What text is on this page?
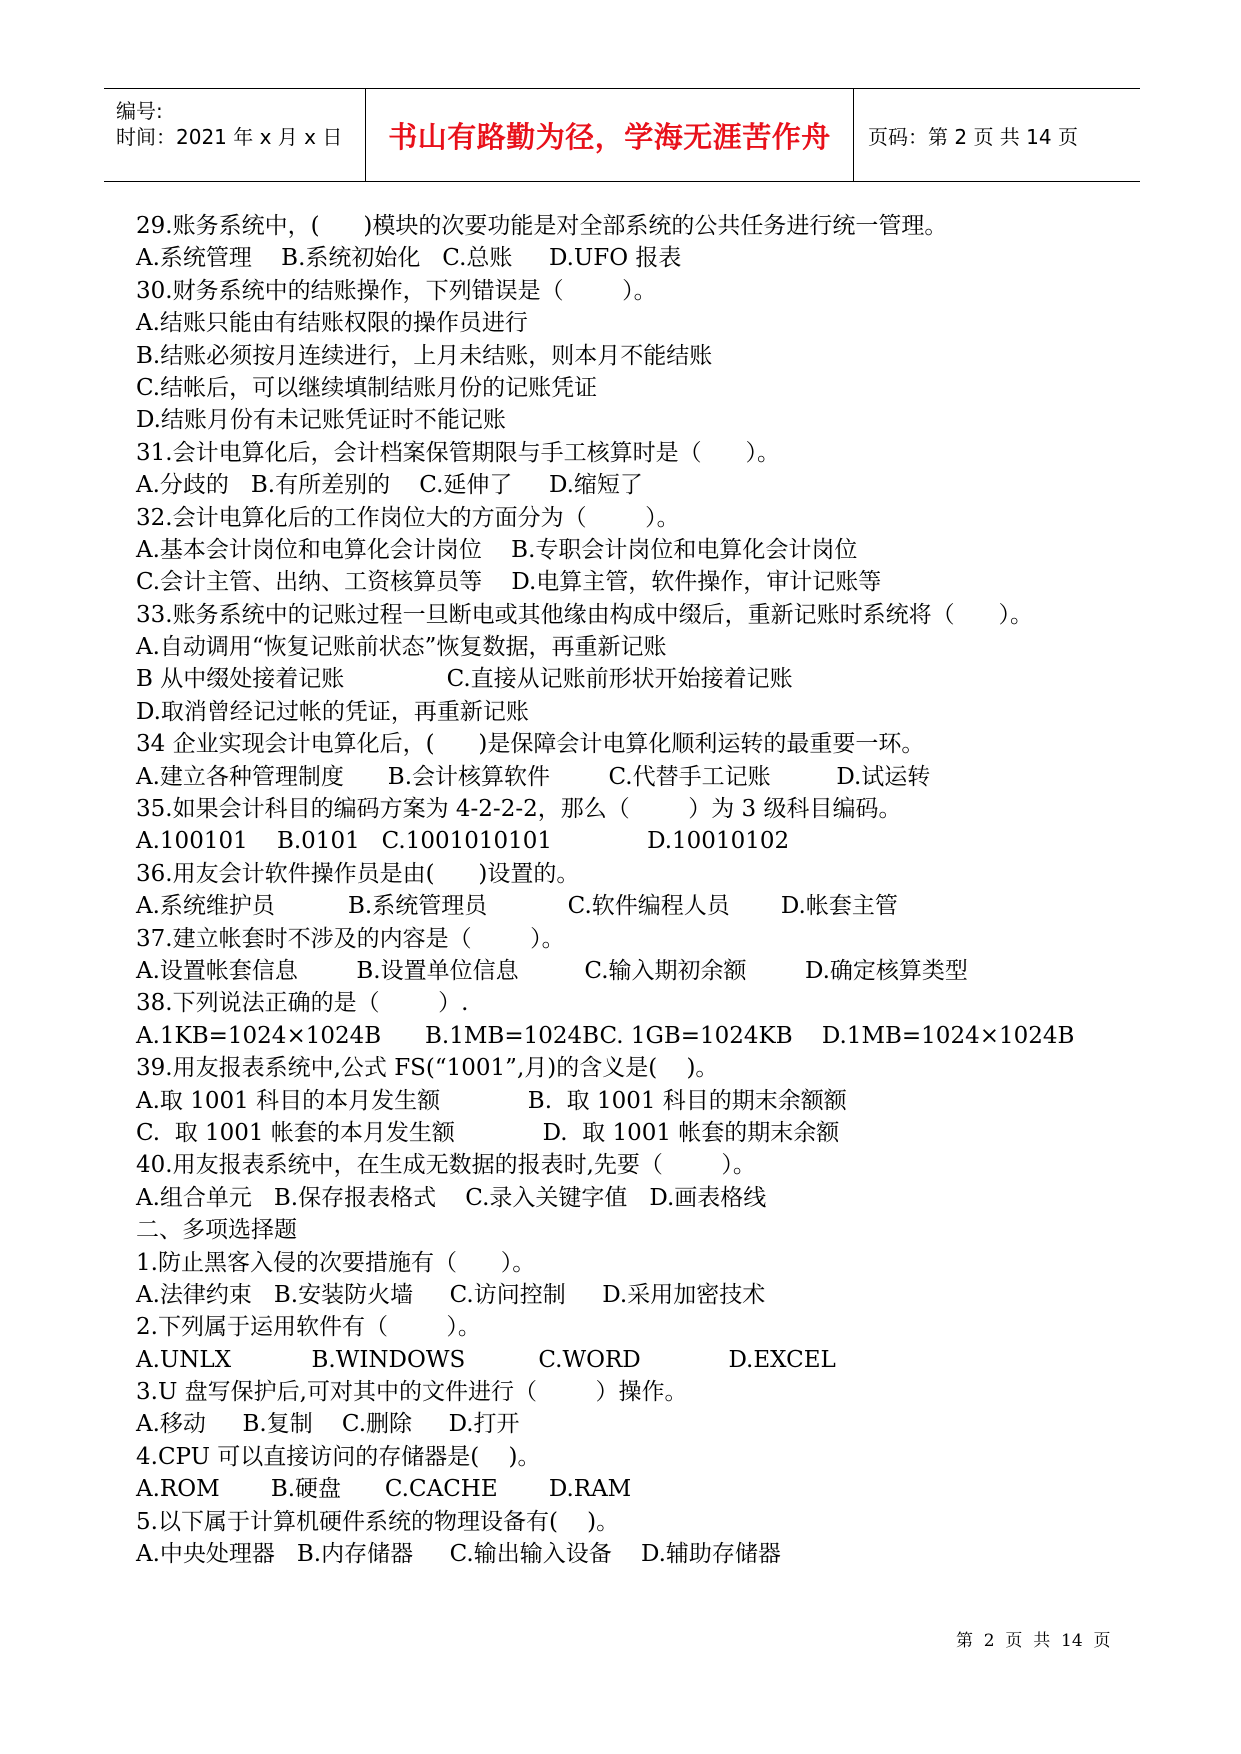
编号:
时间：2021 年 x 月 x 日 书山有路勤为径，学海无涯苦作舟 页码：第 2 页 共 14 页
29.账务系统中，(      )模块的次要功能是对全部系统的公共任务进行统一管理。
A.系统管理    B.系统初始化   C.总账     D.UFO 报表
30.财务系统中的结账操作，下列错误是（        ）。
A.结账只能由有结账权限的操作员进行
B.结账必须按月连续进行，上月未结账，则本月不能结账
C.结帐后，可以继续填制结账月份的记账凭证
D.结账月份有未记账凭证时不能记账
31.会计电算化后，会计档案保管期限与手工核算时是（      ）。
A.分歧的   B.有所差别的    C.延伸了     D.缩短了
32.会计电算化后的工作岗位大的方面分为（        ）。
A.基本会计岗位和电算化会计岗位    B.专职会计岗位和电算化会计岗位
C.会计主管、出纳、工资核算员等    D.电算主管，软件操作，审计记账等
33.账务系统中的记账过程一旦断电或其他缘由构成中缀后，重新记账时系统将（      ）。
A.自动调用“恢复记账前状态”恢复数据，再重新记账
B 从中缀处接着记账              C.直接从记账前形状开始接着记账
D.取消曾经记过帐的凭证，再重新记账
34 企业实现会计电算化后，(      )是保障会计电算化顺利运转的最重要一环。
A.建立各种管理制度      B.会计核算软件        C.代替手工记账         D.试运转
35.如果会计科目的编码方案为 4-2-2-2，那么（        ）为 3 级科目编码。
A.100101    B.0101   C.1001010101             D.10010102
36.用友会计软件操作员是由(      )设置的。
A.系统维护员          B.系统管理员           C.软件编程人员       D.帐套主管
37.建立帐套时不涉及的内容是（        ）。
A.设置帐套信息        B.设置单位信息         C.输入期初余额        D.确定核算类型
38.下列说法正确的是（        ）.
A.1KB=1024×1024B      B.1MB=1024BC. 1GB=1024KB    D.1MB=1024×1024B
39.用友报表系统中,公式 FS(“1001”,月)的含义是(    )。
A.取 1001 科目的本月发生额            B.  取 1001 科目的期末余额额
C.  取 1001 帐套的本月发生额            D.  取 1001 帐套的期末余额
40.用友报表系统中，在生成无数据的报表时,先要（        ）。
A.组合单元   B.保存报表格式    C.录入关键字值   D.画表格线
二、多项选择题
1.防止黑客入侵的次要措施有（      ）。
A.法律约束   B.安装防火墙     C.访问控制     D.采用加密技术
2.下列属于运用软件有（        ）。
A.UNLX           B.WINDOWS          C.WORD            D.EXCEL
3.U 盘写保护后,可对其中的文件进行（        ）操作。
A.移动     B.复制    C.删除     D.打开
4.CPU 可以直接访问的存储器是(    )。
A.ROM       B.硬盘      C.CACHE       D.RAM
5.以下属于计算机硬件系统的物理设备有(    )。
A.中央处理器   B.内存储器     C.输出输入设备    D.辅助存储器
第  2  页  共  14  页
